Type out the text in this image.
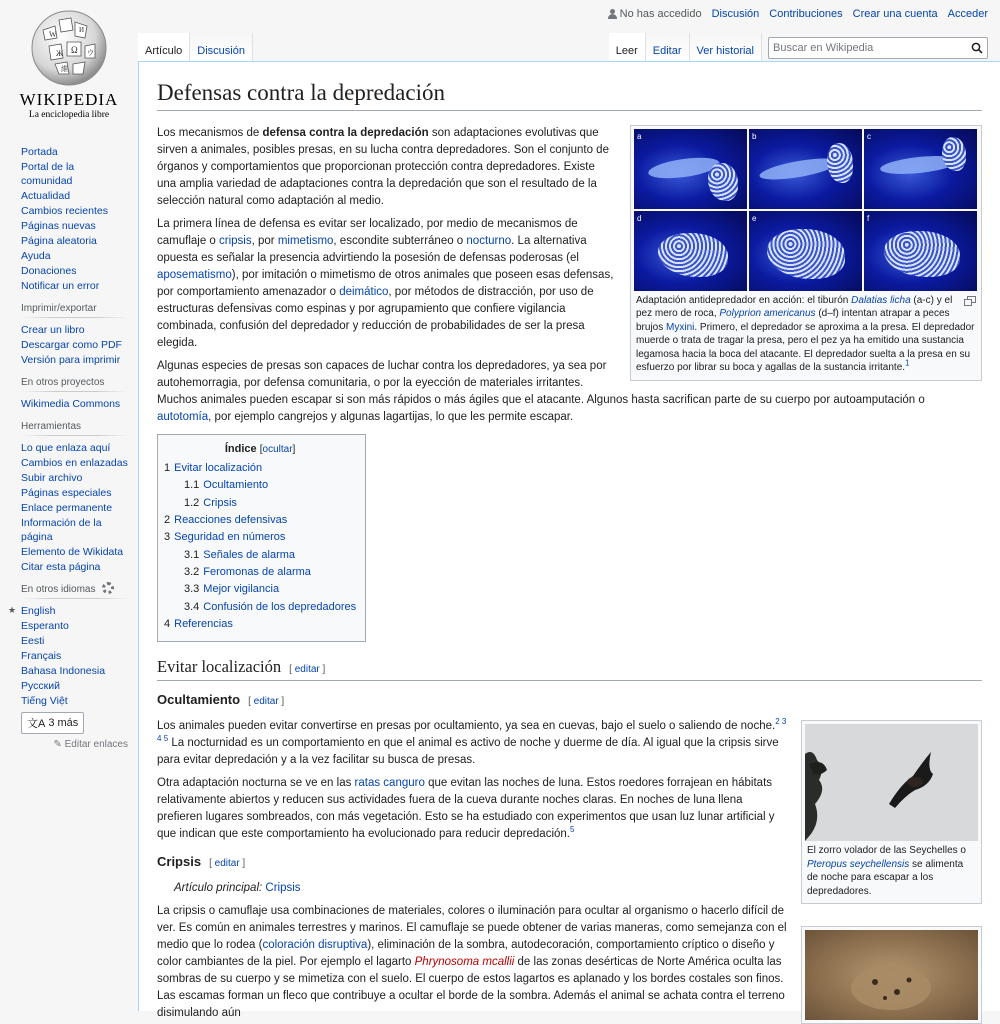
No has accedido Discusión Contribuciones Crear una cuenta Acceder
W
Ω
Ж
И
ウ
維
WIKIPEDIA
La enciclopedia libre
Artículo Discusión	Leer Editar Ver historial
Buscar en Wikipedia
Portada
Portal de la comunidad
Actualidad
Cambios recientes
Páginas nuevas
Página aleatoria
Ayuda
Donaciones
Notificar un error
Imprimir/exportar
Crear un libro
Descargar como PDF
Versión para imprimir
En otros proyectos
Wikimedia Commons
Herramientas
Lo que enlaza aquí
Cambios en enlazadas
Subir archivo
Páginas especiales
Enlace permanente
Información de la página
Elemento de Wikidata
Citar esta página
En otros idiomas
★ English
Esperanto
Eesti
Français
Bahasa Indonesia
Русский
Tiếng Việt
文A 3 más
✎ Editar enlaces
Defensas contra la depredación
a	b	c
d	e	f
Adaptación antidepredador en acción: el tiburón Dalatias licha (a-c) y el pez mero de roca, Polyprion americanus (d–f) intentan atrapar a peces brujos Myxini. Primero, el depredador se aproxima a la presa. El depredador muerde o trata de tragar la presa, pero el pez ya ha emitido una sustancia legamosa hacia la boca del atacante. El depredador suelta a la presa en su esfuerzo por librar su boca y agallas de la sustancia irritante.$^1$

Los mecanismos de defensa contra la depredación son adaptaciones evolutivas que sirven a animales, posibles presas, en su lucha contra depredadores. Son el conjunto de órganos y comportamientos que proporcionan protección contra depredadores. Existe una amplia variedad de adaptaciones contra la depredación que son el resultado de la selección natural como adaptación al medio.

La primera línea de defensa es evitar ser localizado, por medio de mecanismos de camuflaje o cripsis, por mimetismo, escondite subterráneo o nocturno. La alternativa opuesta es señalar la presencia advirtiendo la posesión de defensas poderosas (el aposematismo), por imitación o mimetismo de otros animales que poseen esas defensas, por comportamiento amenazador o deimático, por métodos de distracción, por uso de estructuras defensivas como espinas y por agrupamiento que confiere vigilancia combinada, confusión del depredador y reducción de probabilidades de ser la presa elegida.

Algunas especies de presas son capaces de luchar contra los depredadores, ya sea por autohemorragia, por defensa comunitaria, o por la eyección de materiales irritantes. Muchos animales pueden escapar si son más rápidos o más ágiles que el atacante. Algunos hasta sacrifican parte de su cuerpo por autoamputación o autotomía, por ejemplo cangrejos y algunas lagartijas, lo que les permite escapar.

Índice [ocultar]
1 Evitar localización
1.1 Ocultamiento
1.2 Cripsis
2 Reacciones defensivas
3 Seguridad en números
3.1 Señales de alarma
3.2 Feromonas de alarma
3.3 Mejor vigilancia
3.4 Confusión de los depredadores
4 Referencias
Evitar localización [ editar ]
Ocultamiento [ editar ]
El zorro volador de las Seychelles o Pteropus seychellensis se alimenta de noche para escapar a los depredadores.

Los animales pueden evitar convertirse en presas por ocultamiento, ya sea en cuevas, bajo el suelo o saliendo de noche.$^{2 3 4 5}$ La nocturnidad es un comportamiento en que el animal es activo de noche y duerme de día. Al igual que la cripsis sirve para evitar depredación y a la vez facilitar su busca de presas.

Otra adaptación nocturna se ve en las ratas canguro que evitan las noches de luna. Estos roedores forrajean en hábitats relativamente abiertos y reducen sus actividades fuera de la cueva durante noches claras. En noches de luna llena prefieren lugares sombreados, con más vegetación. Esto se ha estudiado con experimentos que usan luz lunar artificial y que indican que este comportamiento ha evolucionado para reducir depredación.$^5$

Cripsis [ editar ]
Artículo principal: Cripsis

La cripsis o camuflaje usa combinaciones de materiales, colores o iluminación para ocultar al organismo o hacerlo difícil de ver. Es común en animales terrestres y marinos. El camuflaje se puede obtener de varias maneras, como semejanza con el medio que lo rodea (coloración disruptiva), eliminación de la sombra, autodecoración, comportamiento críptico o diseño y color cambiantes de la piel. Por ejemplo el lagarto Phrynosoma mcallii de las zonas desérticas de Norte América oculta las sombras de su cuerpo y se mimetiza con el suelo. El cuerpo de estos lagartos es aplanado y los bordes costales son finos. Las escamas forman un fleco que contribuye a ocultar el borde de la sombra. Además el animal se achata contra el terreno disimulando aún
